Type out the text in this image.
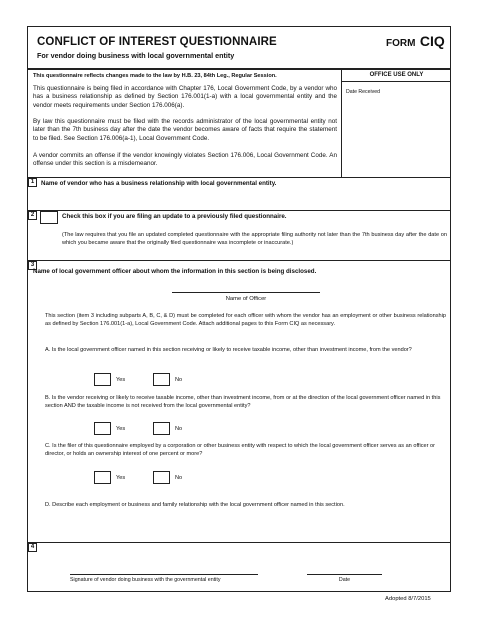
CONFLICT OF INTEREST QUESTIONNAIRE
For vendor doing business with local governmental entity
FORM CIQ
This questionnaire reflects changes made to the law by H.B. 23, 84th Leg., Regular Session.
This questionnaire is being filed in accordance with Chapter 176, Local Government Code, by a vendor who has a business relationship as defined by Section 176.001(1-a) with a local governmental entity and the vendor meets requirements under Section 176.006(a).
By law this questionnaire must be filed with the records administrator of the local governmental entity not later than the 7th business day after the date the vendor becomes aware of facts that require the statement to be filed. See Section 176.006(a-1), Local Government Code.
A vendor commits an offense if the vendor knowingly violates Section 176.006, Local Government Code. An offense under this section is a misdemeanor.
OFFICE USE ONLY
Date Received
1	Name of vendor who has a business relationship with local governmental entity.
2	Check this box if you are filing an update to a previously filed questionnaire.
(The law requires that you file an updated completed questionnaire with the appropriate filing authority not later than the 7th business day after the date on which you became aware that the originally filed questionnaire was incomplete or inaccurate.)
3
Name of local government officer about whom the information in this section is being disclosed.
Name of Officer
This section (item 3 including subparts A, B, C, & D) must be completed for each officer with whom the vendor has an employment or other business relationship as defined by Section 176.001(1-a), Local Government Code. Attach additional pages to this Form CIQ as necessary.
A. Is the local government officer named in this section receiving or likely to receive taxable income, other than investment income, from the vendor?
Yes	No
B. Is the vendor receiving or likely to receive taxable income, other than investment income, from or at the direction of the local government officer named in this section AND the taxable income is not received from the local governmental entity?
Yes	No
C. Is the filer of this questionnaire employed by a corporation or other business entity with respect to which the local government officer serves as an officer or director, or holds an ownership interest of one percent or more?
Yes	No
D. Describe each employment or business and family relationship with the local government officer named in this section.
4
Signature of vendor doing business with the governmental entity	Date
Adopted 8/7/2015
